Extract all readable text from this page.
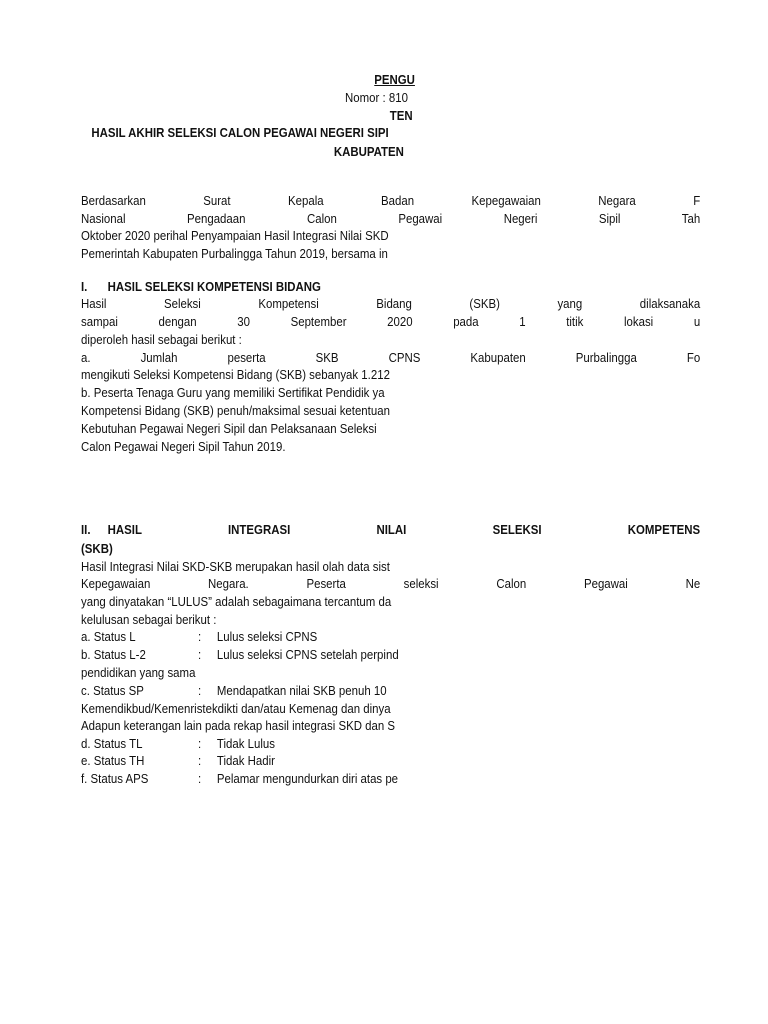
PENGU
Nomor : 810
TEN
HASIL AKHIR SELEKSI CALON PEGAWAI NEGERI SIPI
KABUPATEN
Berdasarkan Surat Kepala Badan Kepegawaian Negara F
Nasional Pengadaan Calon Pegawai Negeri Sipil Tah
Oktober 2020 perihal Penyampaian Hasil Integrasi Nilai SKD
Pemerintah Kabupaten Purbalingga Tahun 2019, bersama in
I. HASIL SELEKSI KOMPETENSI BIDANG
Hasil Seleksi Kompetensi Bidang (SKB) yang dilaksanaka
sampai dengan 30 September 2020 pada 1 titik lokasi u
diperoleh hasil sebagai berikut :
a. Jumlah peserta SKB CPNS Kabupaten Purbalingga Fo
mengikuti Seleksi Kompetensi Bidang (SKB) sebanyak 1.212
b. Peserta Tenaga Guru yang memiliki Sertifikat Pendidik ya
Kompetensi Bidang (SKB) penuh/maksimal sesuai ketentuan
Kebutuhan Pegawai Negeri Sipil dan Pelaksanaan Seleksi
Calon Pegawai Negeri Sipil Tahun 2019.
II. HASIL INTEGRASI NILAI SELEKSI KOMPETENS
(SKB)
Hasil Integrasi Nilai SKD-SKB merupakan hasil olah data sist
Kepegawaian Negara. Peserta seleksi Calon Pegawai Ne
yang dinyatakan “LULUS” adalah sebagaimana tercantum da
kelulusan sebagai berikut :
a. Status L	: Lulus seleksi CPNS
b. Status L-2	: Lulus seleksi CPNS setelah perpind
pendidikan yang sama
c. Status SP	: Mendapatkan nilai SKB penuh 10
Kemendikbud/Kemenristekdikti dan/atau Kemenag dan dinya
Adapun keterangan lain pada rekap hasil integrasi SKD dan S
d. Status TL	: Tidak Lulus
e. Status TH	: Tidak Hadir
f. Status APS	: Pelamar mengundurkan diri atas pe
